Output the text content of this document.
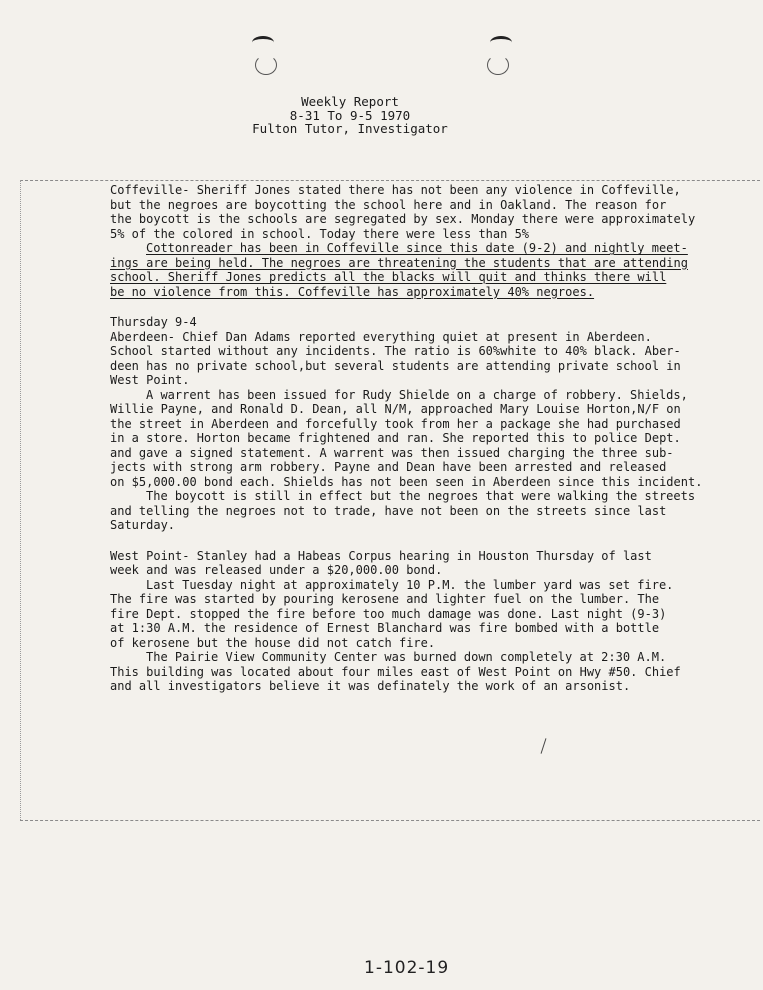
Weekly Report
8-31 To 9-5 1970
Fulton Tutor, Investigator
Coffeville- Sheriff Jones stated there has not been any violence in Coffeville,
but the negroes are boycotting the school here and in Oakland. The reason for
the boycott is the schools are segregated by sex. Monday there were approximately
5% of the colored in school. Today there were less than 5%
Cottonreader has been in Coffeville since this date (9-2) and nightly meet-
ings are being held. The negroes are threatening the students that are attending
school. Sheriff Jones predicts all the blacks will quit and thinks there will
be no violence from this. Coffeville has approximately 40% negroes.
Thursday 9-4
Aberdeen- Chief Dan Adams reported everything quiet at present in Aberdeen.
School started without any incidents. The ratio is 60%white to 40% black. Aber-
deen has no private school,but several students are attending private school in
West Point.
A warrent has been issued for Rudy Shielde on a charge of robbery. Shields,
Willie Payne, and Ronald D. Dean, all N/M, approached Mary Louise Horton,N/F on
the street in Aberdeen and forcefully took from her a package she had purchased
in a store. Horton became frightened and ran. She reported this to police Dept.
and gave a signed statement. A warrent was then issued charging the three sub-
jects with strong arm robbery. Payne and Dean have been arrested and released
on $5,000.00 bond each. Shields has not been seen in Aberdeen since this incident.
The boycott is still in effect but the negroes that were walking the streets
and telling the negroes not to trade, have not been on the streets since last
Saturday.
West Point- Stanley had a Habeas Corpus hearing in Houston Thursday of last
week and was released under a $20,000.00 bond.
Last Tuesday night at approximately 10 P.M. the lumber yard was set fire.
The fire was started by pouring kerosene and lighter fuel on the lumber. The
fire Dept. stopped the fire before too much damage was done. Last night (9-3)
at 1:30 A.M. the residence of Ernest Blanchard was fire bombed with a bottle
of kerosene but the house did not catch fire.
The Pairie View Community Center was burned down completely at 2:30 A.M.
This building was located about four miles east of West Point on Hwy #50. Chief
and all investigators believe it was definately the work of an arsonist.
1-102-19
